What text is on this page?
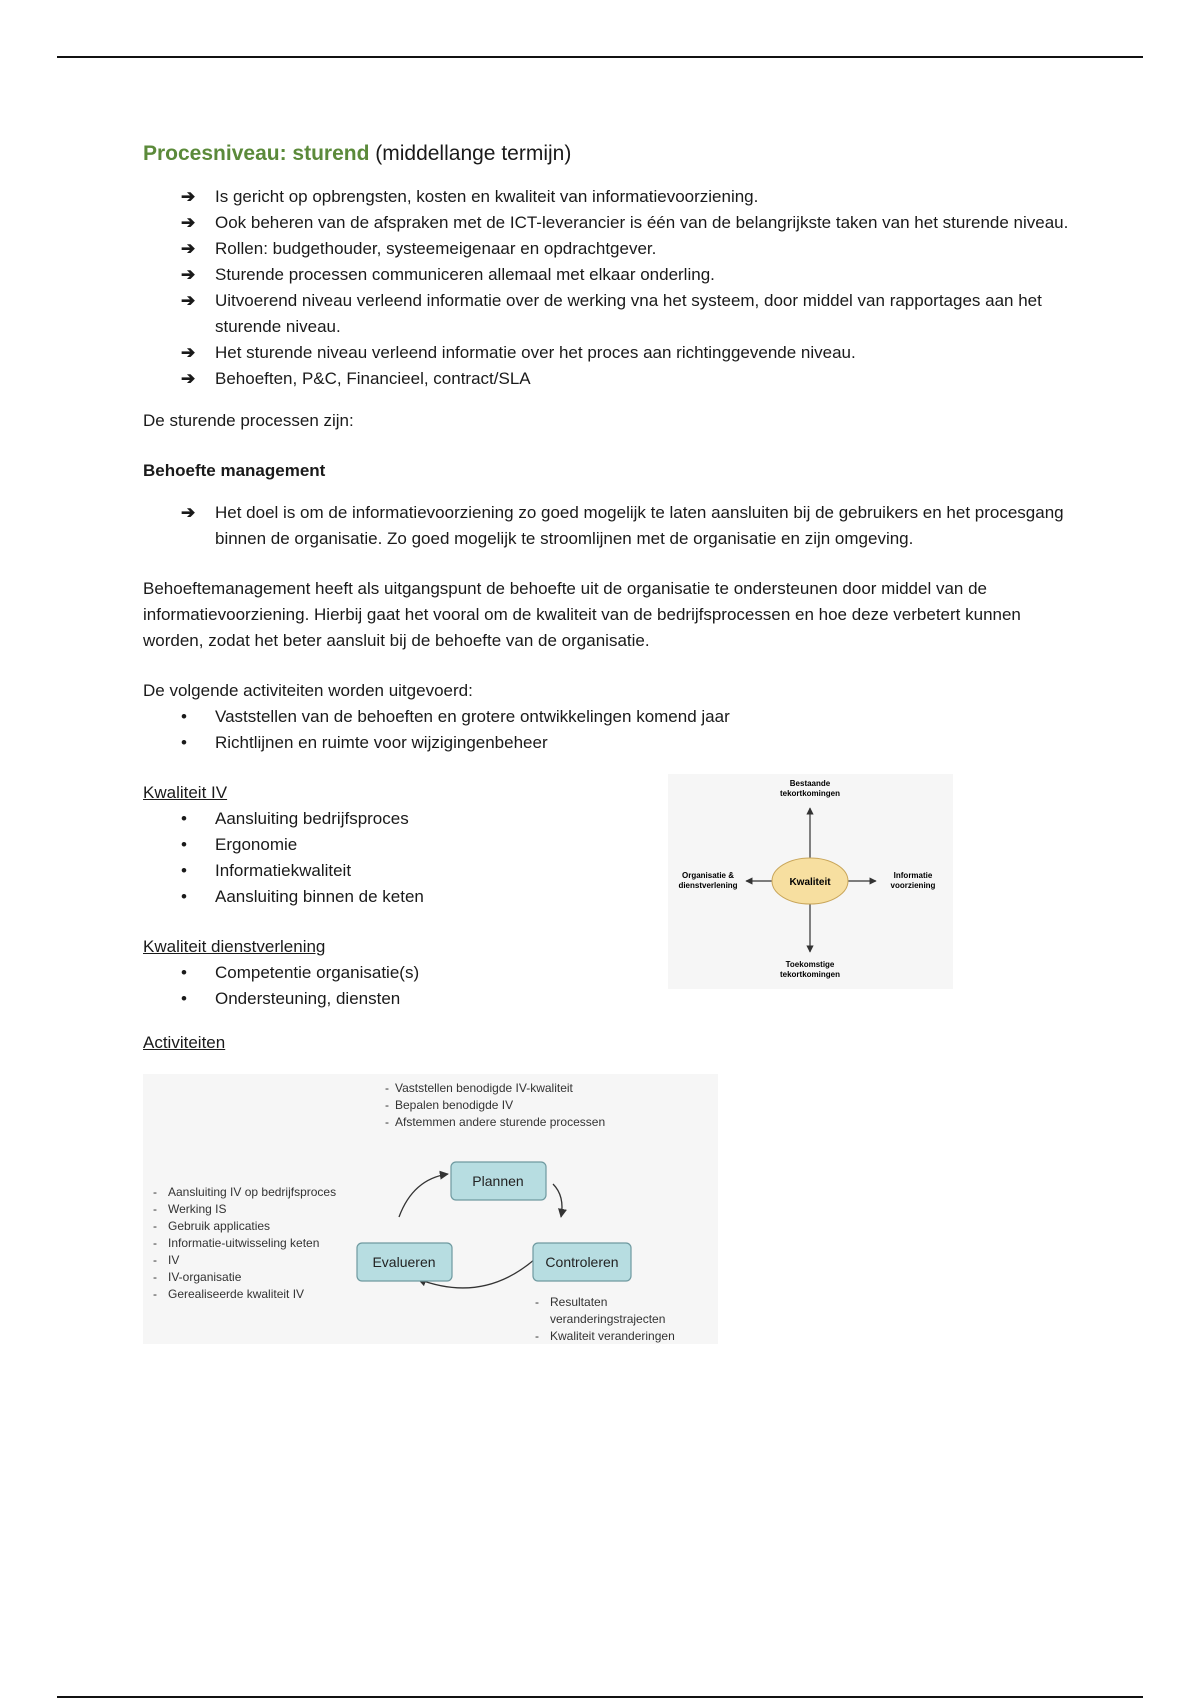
Procesniveau: sturend (middellange termijn)
➔ Is gericht op opbrengsten, kosten en kwaliteit van informatievoorziening.
➔ Ook beheren van de afspraken met de ICT-leverancier is één van de belangrijkste taken van het sturende niveau.
➔ Rollen: budgethouder, systeemeigenaar en opdrachtgever.
➔ Sturende processen communiceren allemaal met elkaar onderling.
➔ Uitvoerend niveau verleend informatie over de werking vna het systeem, door middel van rapportages aan het sturende niveau.
➔ Het sturende niveau verleend informatie over het proces aan richtinggevende niveau.
➔ Behoeften, P&C, Financieel, contract/SLA

De sturende processen zijn:

Behoefte management

➔ Het doel is om de informatievoorziening zo goed mogelijk te laten aansluiten bij de gebruikers en het procesgang binnen de organisatie. Zo goed mogelijk te stroomlijnen met de organisatie en zijn omgeving.

Behoeftemanagement heeft als uitgangspunt de behoefte uit de organisatie te ondersteunen door middel van de informatievoorziening. Hierbij gaat het vooral om de kwaliteit van de bedrijfsprocessen en hoe deze verbetert kunnen worden, zodat het beter aansluit bij de behoefte van de organisatie.

De volgende activiteiten worden uitgevoerd:

• Vaststellen van de behoeften en grotere ontwikkelingen komend jaar
• Richtlijnen en ruimte voor wijzigingenbeheer

Kwaliteit IV

• Aansluiting bedrijfsproces
• Ergonomie
• Informatiekwaliteit
• Aansluiting binnen de keten

Kwaliteit dienstverlening

• Competentie organisatie(s)
• Ondersteuning, diensten
Kwaliteit
Bestaande
tekortkomingen
Toekomstige
tekortkomingen
Organisatie &
dienstverlening
Informatie
voorziening

Activiteiten

- Vaststellen benodigde IV-kwaliteit
- Bepalen benodigde IV
- Afstemmen andere sturende processen
- Aansluiting IV op bedrijfsproces
- Werking IS
- Gebruik applicaties
- Informatie-uitwisseling keten
- IV
- IV-organisatie
- Gerealiseerde kwaliteit IV
- Resultaten
veranderingstrajecten
- Kwaliteit veranderingen
Plannen
Controleren
Evalueren
